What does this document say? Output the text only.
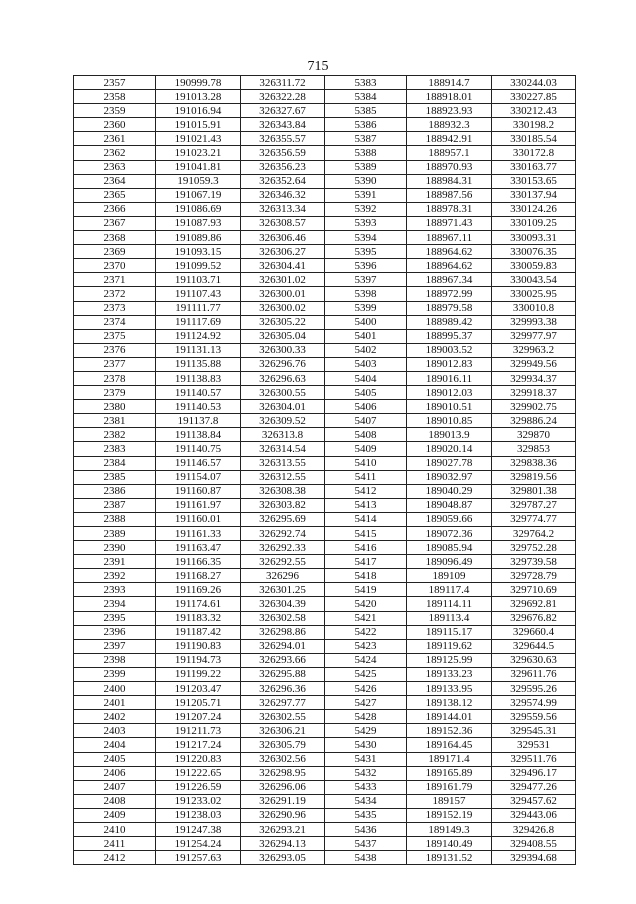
715
2357	190999.78	326311.72	5383	188914.7	330244.03
2358	191013.28	326322.28	5384	188918.01	330227.85
2359	191016.94	326327.67	5385	188923.93	330212.43
2360	191015.91	326343.84	5386	188932.3	330198.2
2361	191021.43	326355.57	5387	188942.91	330185.54
2362	191023.21	326356.59	5388	188957.1	330172.8
2363	191041.81	326356.23	5389	188970.93	330163.77
2364	191059.3	326352.64	5390	188984.31	330153.65
2365	191067.19	326346.32	5391	188987.56	330137.94
2366	191086.69	326313.34	5392	188978.31	330124.26
2367	191087.93	326308.57	5393	188971.43	330109.25
2368	191089.86	326306.46	5394	188967.11	330093.31
2369	191093.15	326306.27	5395	188964.62	330076.35
2370	191099.52	326304.41	5396	188964.62	330059.83
2371	191103.71	326301.02	5397	188967.34	330043.54
2372	191107.43	326300.01	5398	188972.99	330025.95
2373	191111.77	326300.02	5399	188979.58	330010.8
2374	191117.69	326305.22	5400	188989.42	329993.38
2375	191124.92	326305.04	5401	188995.37	329977.97
2376	191131.13	326300.33	5402	189003.52	329963.2
2377	191135.88	326296.76	5403	189012.83	329949.56
2378	191138.83	326296.63	5404	189016.11	329934.37
2379	191140.57	326300.55	5405	189012.03	329918.37
2380	191140.53	326304.01	5406	189010.51	329902.75
2381	191137.8	326309.52	5407	189010.85	329886.24
2382	191138.84	326313.8	5408	189013.9	329870
2383	191140.75	326314.54	5409	189020.14	329853
2384	191146.57	326313.55	5410	189027.78	329838.36
2385	191154.07	326312.55	5411	189032.97	329819.56
2386	191160.87	326308.38	5412	189040.29	329801.38
2387	191161.97	326303.82	5413	189048.87	329787.27
2388	191160.01	326295.69	5414	189059.66	329774.77
2389	191161.33	326292.74	5415	189072.36	329764.2
2390	191163.47	326292.33	5416	189085.94	329752.28
2391	191166.35	326292.55	5417	189096.49	329739.58
2392	191168.27	326296	5418	189109	329728.79
2393	191169.26	326301.25	5419	189117.4	329710.69
2394	191174.61	326304.39	5420	189114.11	329692.81
2395	191183.32	326302.58	5421	189113.4	329676.82
2396	191187.42	326298.86	5422	189115.17	329660.4
2397	191190.83	326294.01	5423	189119.62	329644.5
2398	191194.73	326293.66	5424	189125.99	329630.63
2399	191199.22	326295.88	5425	189133.23	329611.76
2400	191203.47	326296.36	5426	189133.95	329595.26
2401	191205.71	326297.77	5427	189138.12	329574.99
2402	191207.24	326302.55	5428	189144.01	329559.56
2403	191211.73	326306.21	5429	189152.36	329545.31
2404	191217.24	326305.79	5430	189164.45	329531
2405	191220.83	326302.56	5431	189171.4	329511.76
2406	191222.65	326298.95	5432	189165.89	329496.17
2407	191226.59	326296.06	5433	189161.79	329477.26
2408	191233.02	326291.19	5434	189157	329457.62
2409	191238.03	326290.96	5435	189152.19	329443.06
2410	191247.38	326293.21	5436	189149.3	329426.8
2411	191254.24	326294.13	5437	189140.49	329408.55
2412	191257.63	326293.05	5438	189131.52	329394.68
